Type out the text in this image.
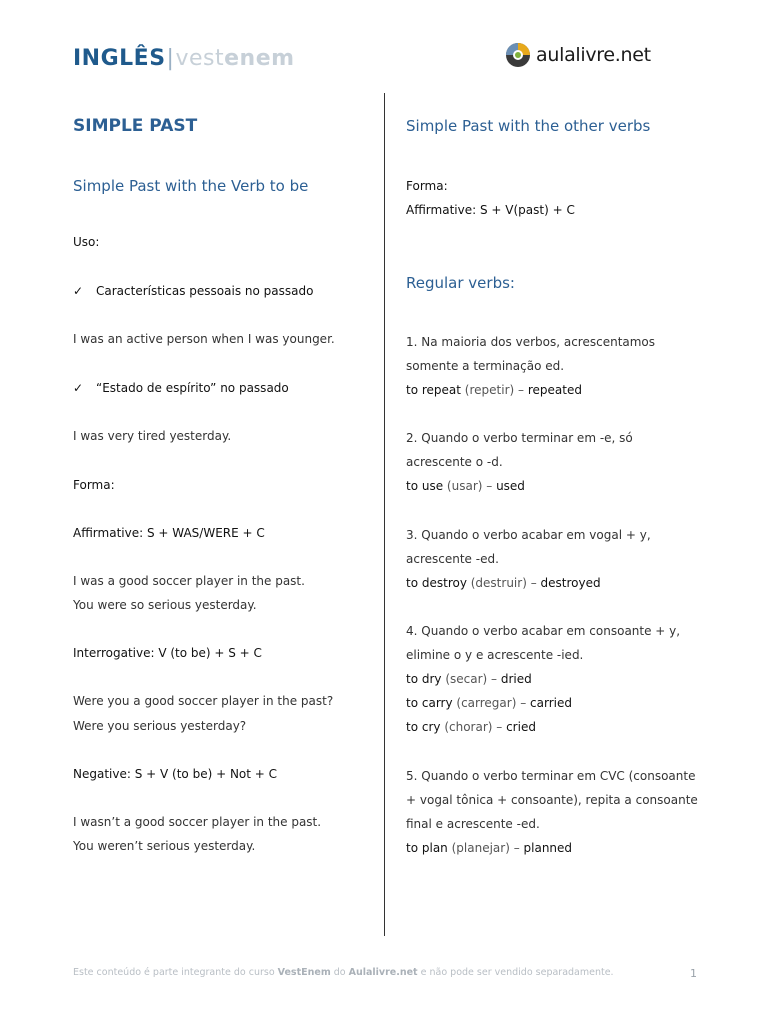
INGLÊS|vestenem	aulalivre.net
SIMPLE PAST
Simple Past with the Verb to be
Uso:
✓ Características pessoais no passado
I was an active person when I was younger.
✓ “Estado de espírito” no passado
I was very tired yesterday.
Forma:
Affirmative: S + WAS/WERE + C
I was a good soccer player in the past.
You were so serious yesterday.
Interrogative: V (to be) + S + C
Were you a good soccer player in the past?
Were you serious yesterday?
Negative: S + V (to be) + Not + C
I wasn’t a good soccer player in the past.
You weren’t serious yesterday.
Simple Past with the other verbs
Forma:
Affirmative: S + V(past) + C
Regular verbs:
1. Na maioria dos verbos, acrescentamos
somente a terminação ed.
to repeat (repetir) – repeated
2. Quando o verbo terminar em -e, só
acrescente o -d.
to use (usar) – used
3. Quando o verbo acabar em vogal + y,
acrescente -ed.
to destroy (destruir) – destroyed
4. Quando o verbo acabar em consoante + y,
elimine o y e acrescente -ied.
to dry (secar) – dried
to carry (carregar) – carried
to cry (chorar) – cried
5. Quando o verbo terminar em CVC (consoante
+ vogal tônica + consoante), repita a consoante
final e acrescente -ed.
to plan (planejar) – planned
Este conteúdo é parte integrante do curso VestEnem do Aulalivre.net e não pode ser vendido separadamente.	1
